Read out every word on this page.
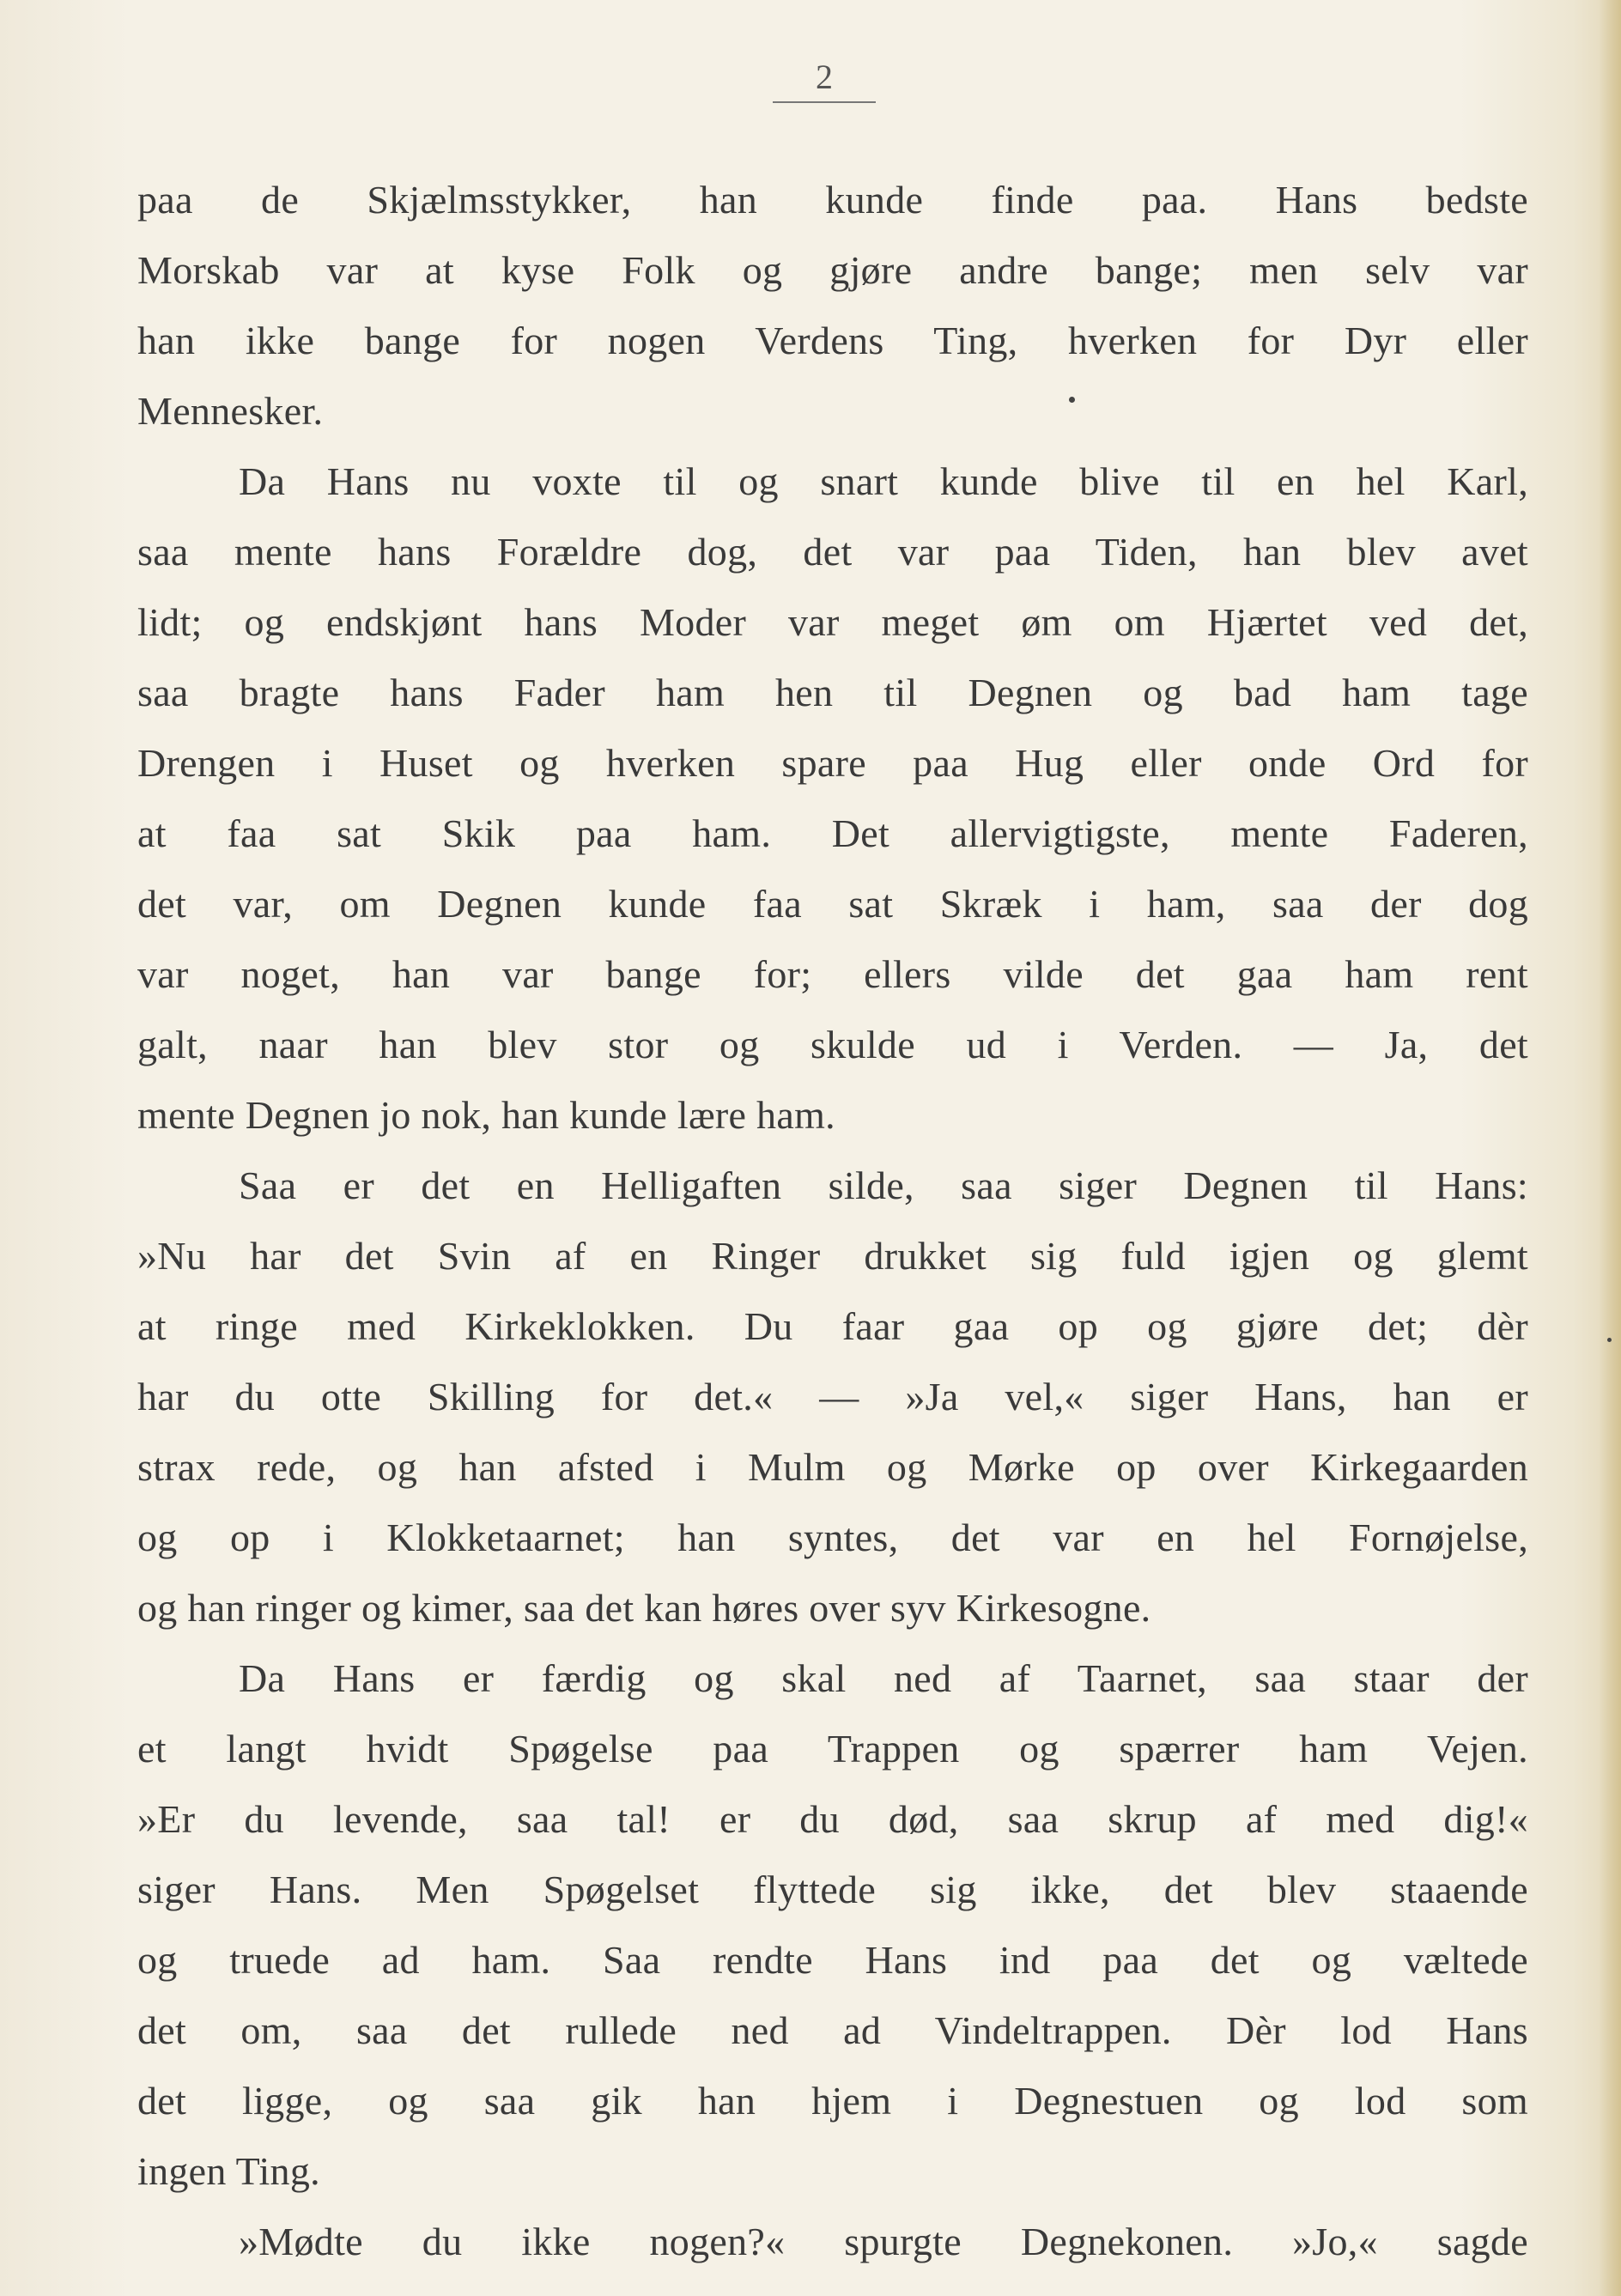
2
paa de Skjælmsstykker, han kunde finde paa. Hans bedste
Morskab var at kyse Folk og gjøre andre bange; men selv var
han ikke bange for nogen Verdens Ting, hverken for Dyr eller
Mennesker.
Da Hans nu voxte til og snart kunde blive til en hel Karl,
saa mente hans Forældre dog, det var paa Tiden, han blev avet
lidt; og endskjønt hans Moder var meget øm om Hjærtet ved det,
saa bragte hans Fader ham hen til Degnen og bad ham tage
Drengen i Huset og hverken spare paa Hug eller onde Ord for
at faa sat Skik paa ham. Det allervigtigste, mente Faderen,
det var, om Degnen kunde faa sat Skræk i ham, saa der dog
var noget, han var bange for; ellers vilde det gaa ham rent
galt, naar han blev stor og skulde ud i Verden. — Ja, det
mente Degnen jo nok, han kunde lære ham.
Saa er det en Helligaften silde, saa siger Degnen til Hans:
»Nu har det Svin af en Ringer drukket sig fuld igjen og glemt
at ringe med Kirkeklokken. Du faar gaa op og gjøre det; dèr
har du otte Skilling for det.« — »Ja vel,« siger Hans, han er
strax rede, og han afsted i Mulm og Mørke op over Kirkegaarden
og op i Klokketaarnet; han syntes, det var en hel Fornøjelse,
og han ringer og kimer, saa det kan høres over syv Kirkesogne.
Da Hans er færdig og skal ned af Taarnet, saa staar der
et langt hvidt Spøgelse paa Trappen og spærrer ham Vejen.
»Er du levende, saa tal! er du død, saa skrup af med dig!«
siger Hans. Men Spøgelset flyttede sig ikke, det blev staaende
og truede ad ham. Saa rendte Hans ind paa det og væltede
det om, saa det rullede ned ad Vindeltrappen. Dèr lod Hans
det ligge, og saa gik han hjem i Degnestuen og lod som
ingen Ting.
»Mødte du ikke nogen?« spurgte Degnekonen. »Jo,« sagde
